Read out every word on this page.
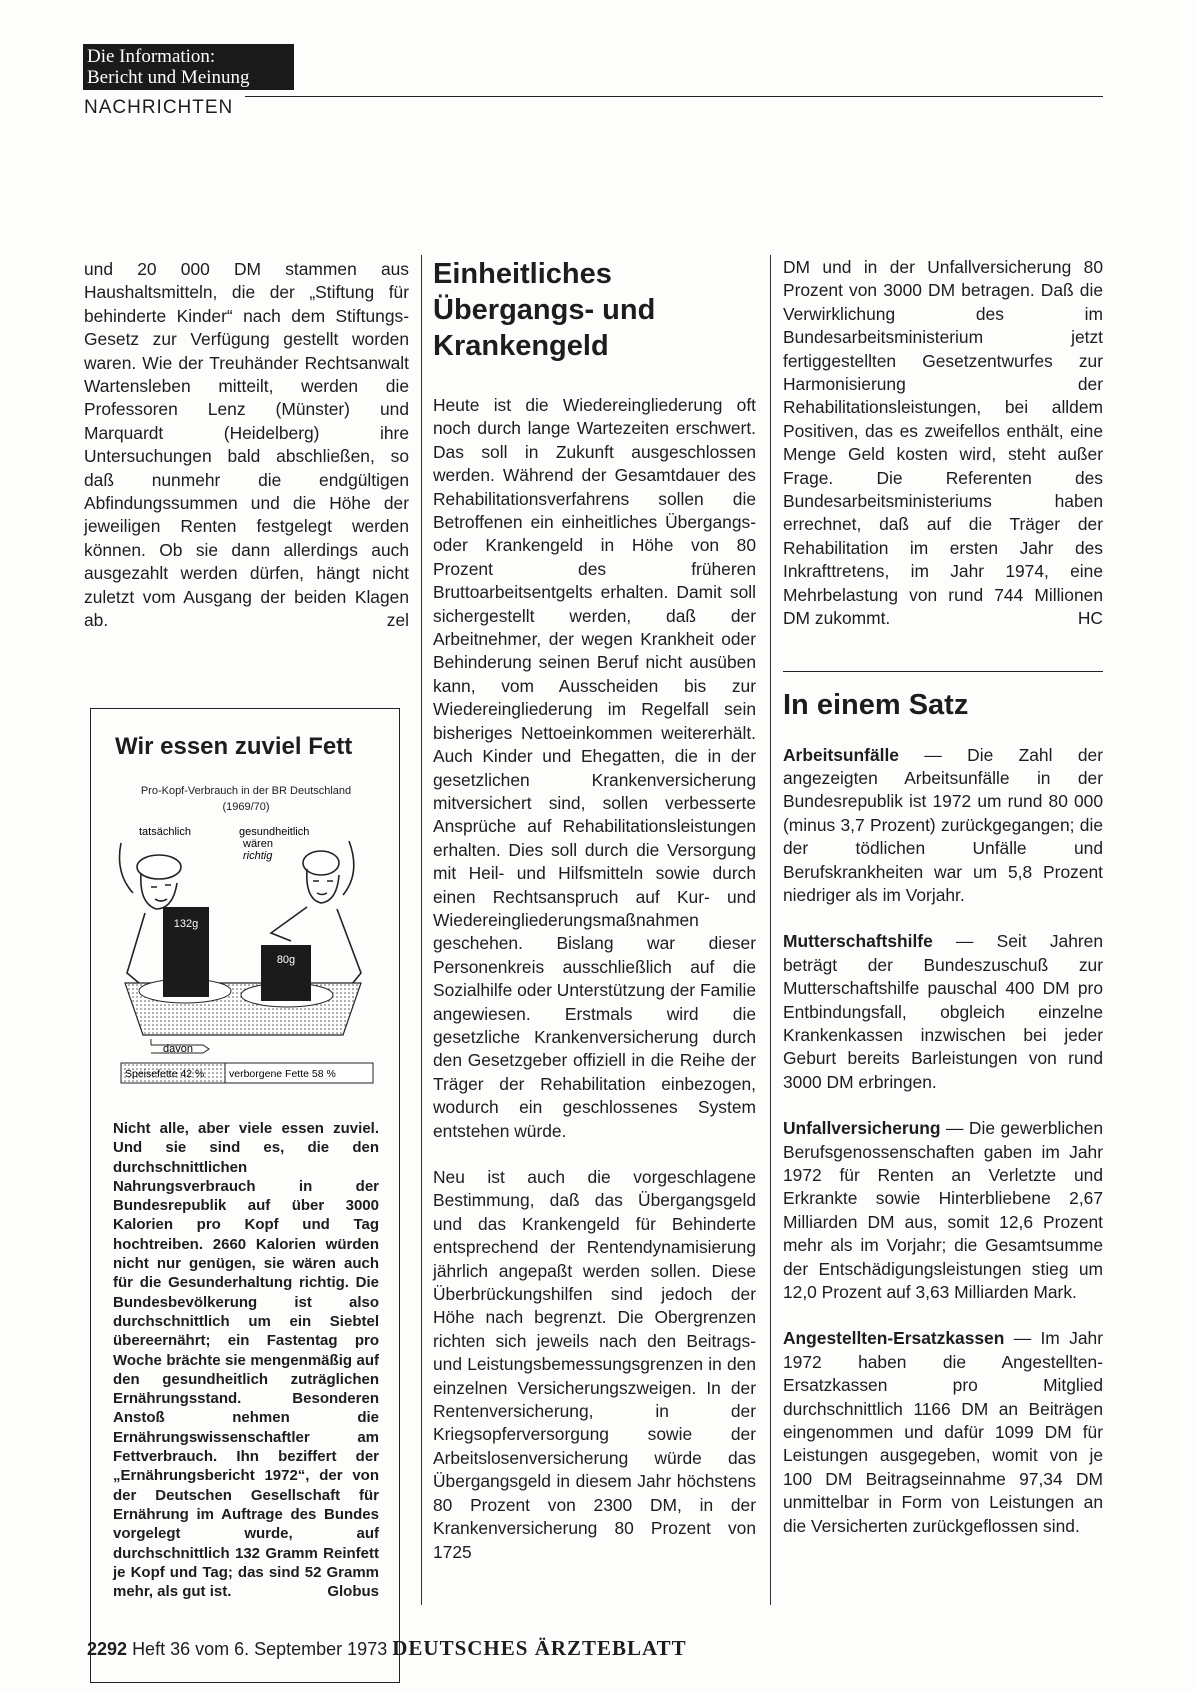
Die Information:
Bericht und Meinung
NACHRICHTEN

und 20 000 DM stammen aus Haushaltsmitteln, die der „Stiftung für behinderte Kinder“ nach dem Stiftungs-Gesetz zur Verfügung gestellt worden waren. Wie der Treuhänder Rechtsanwalt Wartensleben mitteilt, werden die Professoren Lenz (Münster) und Marquardt (Heidelberg) ihre Untersuchungen bald abschließen, so daß nunmehr die endgültigen Abfindungssummen und die Höhe der jeweiligen Renten festgelegt werden können. Ob sie dann allerdings auch ausgezahlt werden dürfen, hängt nicht zuletzt vom Ausgang der beiden Klagen ab.	zel

Wir essen zuviel Fett
Pro-Kopf-Verbrauch in der BR Deutschland
(1969/70)
tatsächlich	gesundheitlich
wären
richtig
132g
80g
davon
Speisefette 42 % verborgene Fette 58 %
Nicht alle, aber viele essen zuviel. Und sie sind es, die den durchschnittlichen Nahrungsverbrauch in der Bundesrepublik auf über 3000 Kalorien pro Kopf und Tag hochtreiben. 2660 Kalorien würden nicht nur genügen, sie wären auch für die Gesunderhaltung richtig. Die Bundesbevölkerung ist also durchschnittlich um ein Siebtel übereernährt; ein Fastentag pro Woche brächte sie mengenmäßig auf den gesundheitlich zuträglichen Ernährungsstand. Besonderen Anstoß nehmen die Ernährungswissenschaftler am Fettverbrauch. Ihn beziffert der „Ernährungsbericht 1972“, der von der Deutschen Gesellschaft für Ernährung im Auftrage des Bundes vorgelegt wurde, auf durchschnittlich 132 Gramm Reinfett je Kopf und Tag; das sind 52 Gramm mehr, als gut ist.	Globus
Einheitliches
Übergangs- und
Krankengeld

Heute ist die Wiedereingliederung oft noch durch lange Wartezeiten erschwert. Das soll in Zukunft ausgeschlossen werden. Während der Gesamtdauer des Rehabilitationsverfahrens sollen die Betroffenen ein einheitliches Übergangs- oder Krankengeld in Höhe von 80 Prozent des früheren Bruttoarbeitsentgelts erhalten. Damit soll sichergestellt werden, daß der Arbeitnehmer, der wegen Krankheit oder Behinderung seinen Beruf nicht ausüben kann, vom Ausscheiden bis zur Wiedereingliederung im Regelfall sein bisheriges Nettoeinkommen weitererhält. Auch Kinder und Ehegatten, die in der gesetzlichen Krankenversicherung mitversichert sind, sollen verbesserte Ansprüche auf Rehabilitationsleistungen erhalten. Dies soll durch die Versorgung mit Heil- und Hilfsmitteln sowie durch einen Rechtsanspruch auf Kur- und Wiedereingliederungsmaßnahmen geschehen. Bislang war dieser Personenkreis ausschließlich auf die Sozialhilfe oder Unterstützung der Familie angewiesen. Erstmals wird die gesetzliche Krankenversicherung durch den Gesetzgeber offiziell in die Reihe der Träger der Rehabilitation einbezogen, wodurch ein geschlossenes System entstehen würde.

Neu ist auch die vorgeschlagene Bestimmung, daß das Übergangsgeld und das Krankengeld für Behinderte entsprechend der Rentendynamisierung jährlich angepaßt werden sollen. Diese Überbrückungshilfen sind jedoch der Höhe nach begrenzt. Die Obergrenzen richten sich jeweils nach den Beitrags- und Leistungsbemessungsgrenzen in den einzelnen Versicherungszweigen. In der Rentenversicherung, in der Kriegsopferversorgung sowie der Arbeitslosenversicherung würde das Übergangsgeld in diesem Jahr höchstens 80 Prozent von 2300 DM, in der Krankenversicherung 80 Prozent von 1725

DM und in der Unfallversicherung 80 Prozent von 3000 DM betragen. Daß die Verwirklichung des im Bundesarbeitsministerium jetzt fertiggestellten Gesetzentwurfes zur Harmonisierung der Rehabilitationsleistungen, bei alldem Positiven, das es zweifellos enthält, eine Menge Geld kosten wird, steht außer Frage. Die Referenten des Bundesarbeitsministeriums haben errechnet, daß auf die Träger der Rehabilitation im ersten Jahr des Inkrafttretens, im Jahr 1974, eine Mehrbelastung von rund 744 Millionen DM zukommt.	HC

In einem Satz

Arbeitsunfälle — Die Zahl der angezeigten Arbeitsunfälle in der Bundesrepublik ist 1972 um rund 80 000 (minus 3,7 Prozent) zurückgegangen; die der tödlichen Unfälle und Berufskrankheiten war um 5,8 Prozent niedriger als im Vorjahr.

Mutterschaftshilfe — Seit Jahren beträgt der Bundeszuschuß zur Mutterschaftshilfe pauschal 400 DM pro Entbindungsfall, obgleich einzelne Krankenkassen inzwischen bei jeder Geburt bereits Barleistungen von rund 3000 DM erbringen.

Unfallversicherung — Die gewerblichen Berufsgenossenschaften gaben im Jahr 1972 für Renten an Verletzte und Erkrankte sowie Hinterbliebene 2,67 Milliarden DM aus, somit 12,6 Prozent mehr als im Vorjahr; die Gesamtsumme der Entschädigungsleistungen stieg um 12,0 Prozent auf 3,63 Milliarden Mark.

Angestellten-Ersatzkassen — Im Jahr 1972 haben die Angestellten-Ersatzkassen pro Mitglied durchschnittlich 1166 DM an Beiträgen eingenommen und dafür 1099 DM für Leistungen ausgegeben, womit von je 100 DM Beitragseinnahme 97,34 DM unmittelbar in Form von Leistungen an die Versicherten zurückgeflossen sind.

2292 Heft 36 vom 6. September 1973 DEUTSCHES ÄRZTEBLATT
